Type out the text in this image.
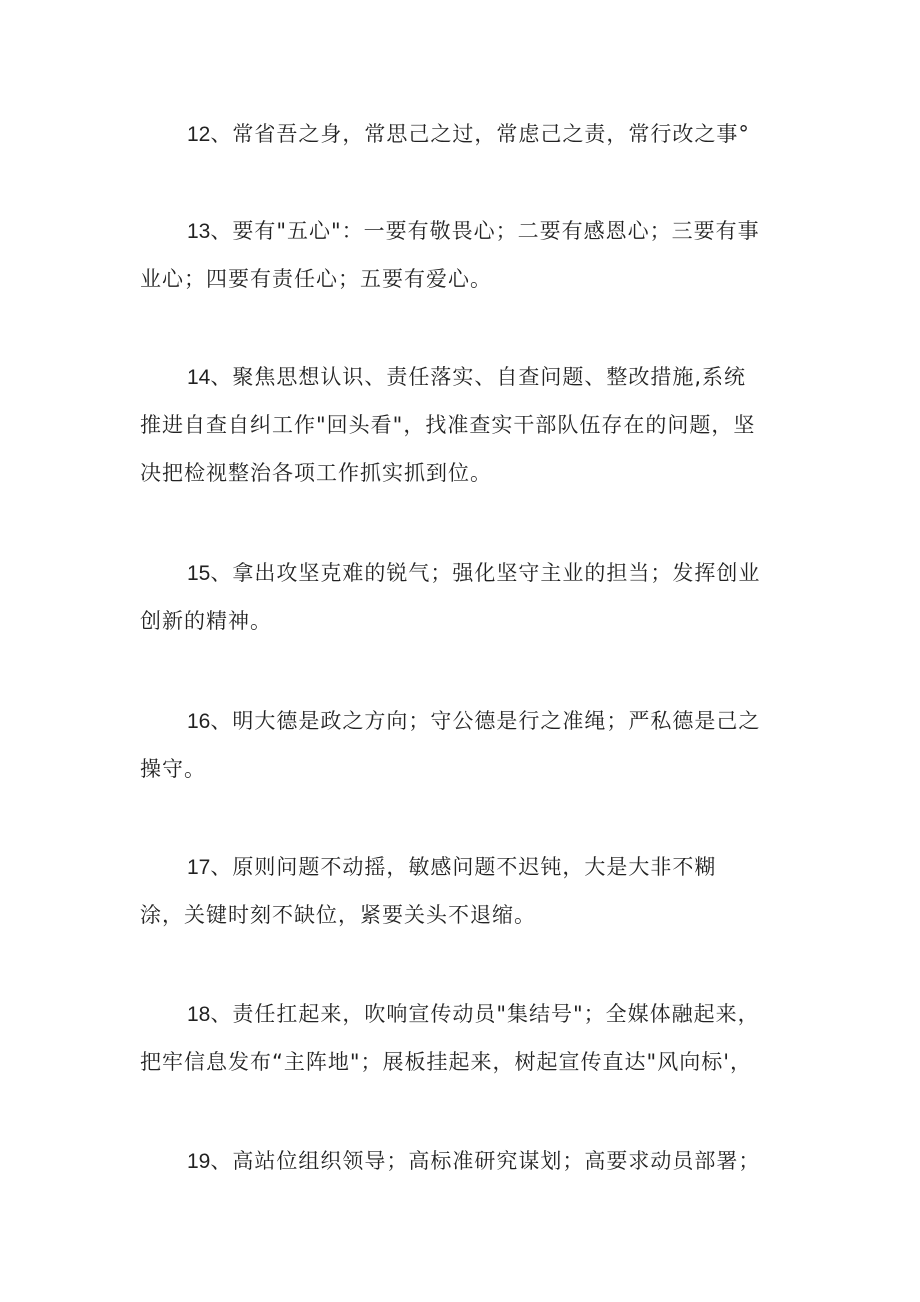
12、常省吾之身，常思己之过，常虑己之责，常行改之事°
13、要有"五心"：一要有敬畏心；二要有感恩心；三要有事
业心；四要有责任心；五要有爱心。
14、聚焦思想认识、责任落实、自查问题、整改措施,系统
推进自查自纠工作"回头看"，找准查实干部队伍存在的问题，坚
决把检视整治各项工作抓实抓到位。
15、拿出攻坚克难的锐气；强化坚守主业的担当；发挥创业
创新的精神。
16、明大德是政之方向；守公德是行之准绳；严私德是己之
操守。
17、原则问题不动摇，敏感问题不迟钝，大是大非不糊
涂，关键时刻不缺位，紧要关头不退缩。
18、责任扛起来，吹响宣传动员"集结号"；全媒体融起来，
把牢信息发布“主阵地"；展板挂起来，树起宣传直达"风向标'，
19、高站位组织领导；高标准研究谋划；高要求动员部署；
